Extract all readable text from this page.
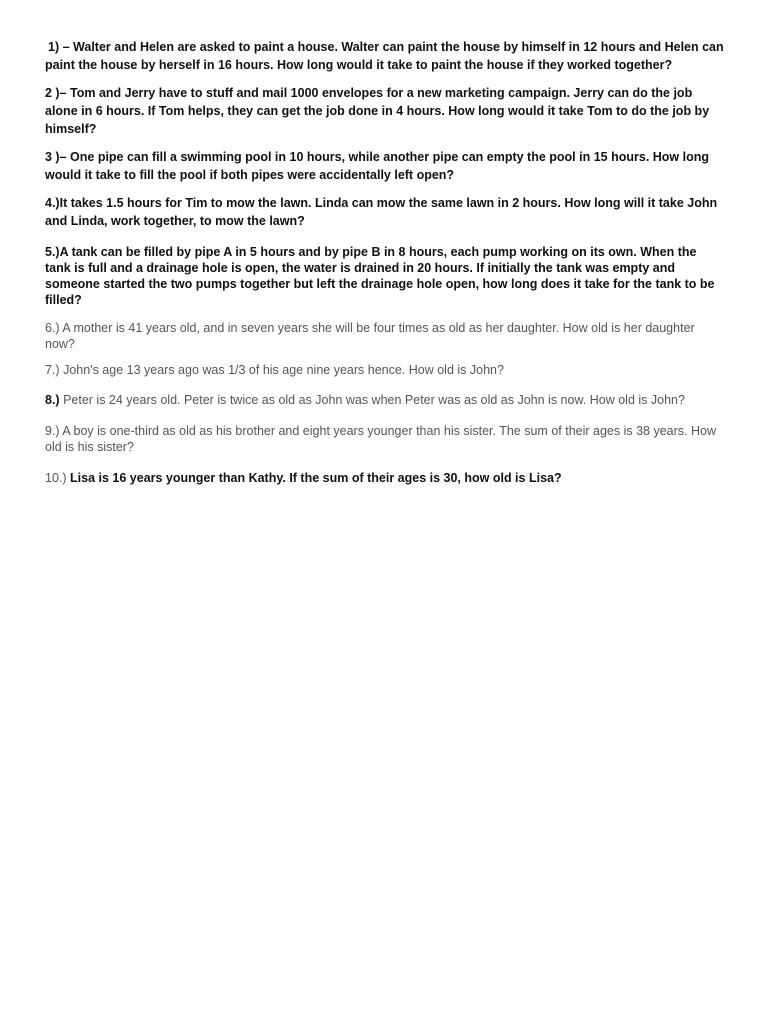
1) – Walter and Helen are asked to paint a house. Walter can paint the house by himself in 12 hours and Helen can paint the house by herself in 16 hours. How long would it take to paint the house if they worked together?

2 )– Tom and Jerry have to stuff and mail 1000 envelopes for a new marketing campaign. Jerry can do the job alone in 6 hours. If Tom helps, they can get the job done in 4 hours. How long would it take Tom to do the job by himself?

3 )– One pipe can fill a swimming pool in 10 hours, while another pipe can empty the pool in 15 hours. How long would it take to fill the pool if both pipes were accidentally left open?

4.)It takes 1.5 hours for Tim to mow the lawn. Linda can mow the same lawn in 2 hours. How long will it take John and Linda, work together, to mow the lawn?

5.)A tank can be filled by pipe A in 5 hours and by pipe B in 8 hours, each pump working on its own. When the tank is full and a drainage hole is open, the water is drained in 20 hours. If initially the tank was empty and someone started the two pumps together but left the drainage hole open, how long does it take for the tank to be filled?

6.) A mother is 41 years old, and in seven years she will be four times as old as her daughter. How old is her daughter now?

7.) John's age 13 years ago was 1/3 of his age nine years hence. How old is John?

8.) Peter is 24 years old. Peter is twice as old as John was when Peter was as old as John is now. How old is John?

9.) A boy is one-third as old as his brother and eight years younger than his sister. The sum of their ages is 38 years. How old is his sister?

10.) Lisa is 16 years younger than Kathy. If the sum of their ages is 30, how old is Lisa?
